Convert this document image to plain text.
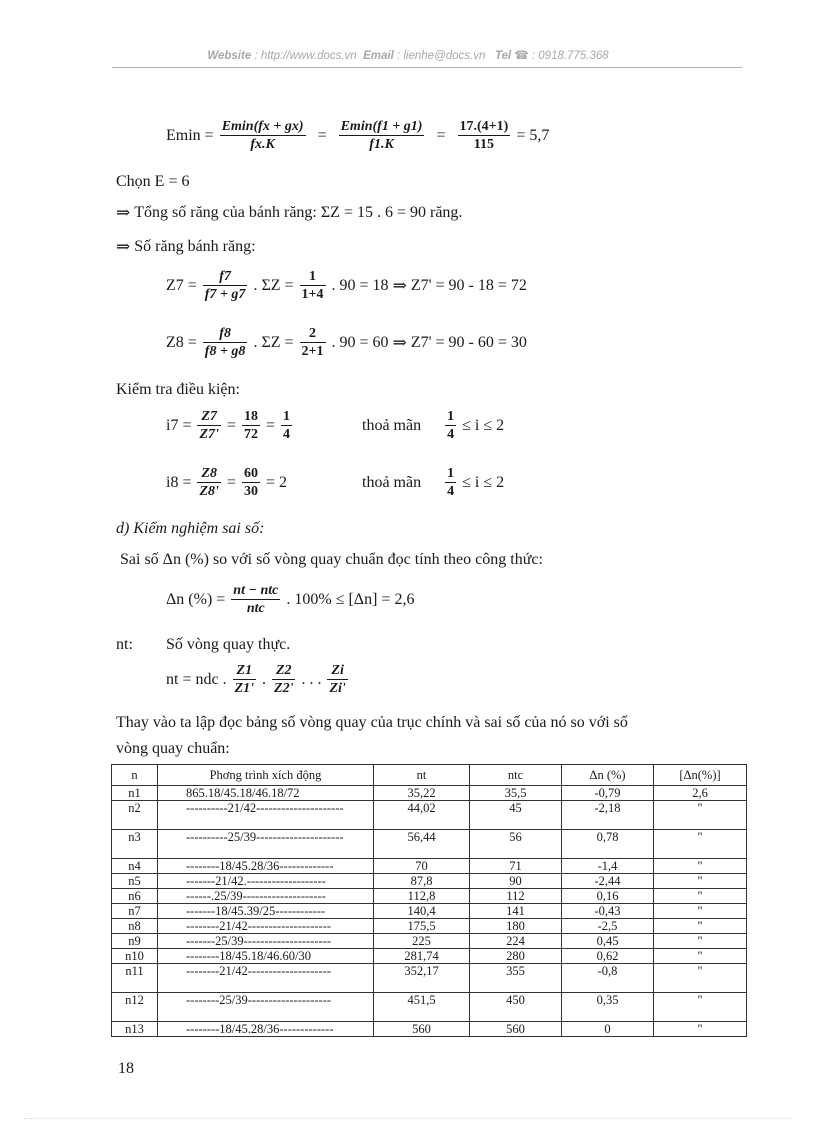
Website : http://www.docs.vn Email : lienhe@docs.vn Tel ☎ : 0918.775.368
$Emin = \frac{Emin(fx + gx)}{fx.K} = \frac{Emin(f1 + g1)}{f1.K} = \frac{17.(4+1)}{115} = 5,7$
Chọn E = 6
⇒ Tổng số răng của bánh răng: ΣZ = 15 . 6 = 90 răng.
⇒ Số răng bánh răng:
$Z7 = \frac{f7}{f7 + g7}$ . $\Sigma Z = \frac{1}{1+4}$ . 90 = 18 ⇒ Z7' = 90 - 18 = 72
$Z8 = \frac{f8}{f8 + g8}$ . $\Sigma Z = \frac{2}{2+1}$ . 90 = 60 ⇒ Z7' = 90 - 60 = 30
Kiểm tra điều kiện:
$i7 = \frac{Z7}{Z7'} = \frac{18}{72} = \frac{1}{4}$	thoả mãn $\frac{1}{4} \le i \le 2$
$i8 = \frac{Z8}{Z8'} = \frac{60}{30} = 2$	thoả mãn $\frac{1}{4} \le i \le 2$
d) Kiểm nghiệm sai số:
Sai số Δn (%) so với số vòng quay chuẩn đọc tính theo công thức:
Δn (%) = $\frac{\text{nt − ntc}}{\text{ntc}}$ . 100% ≤ [Δn] = 2,6
nt: Số vòng quay thực.
nt = ndc . $\frac{Z1}{Z1'}$ . $\frac{Z2}{Z2'}$ . . . $\frac{Zi}{Zi'}$
Thay vào ta lập đọc bảng số vòng quay của trục chính và sai số của nó so với số
vòng quay chuẩn:
n	Phơng trình xích động	nt	ntc	Δn (%)	[Δn(%)]
n1	865.18/45.18/46.18/72	35,22	35,5	-0,79	2,6
n2	----------21/42---------------------	44,02	45	-2,18	"
n3	----------25/39---------------------	56,44	56	0,78	"
n4	--------18/45.28/36-------------	70	71	-1,4	"
n5	-------21/42.-------------------	87,8	90	-2,44	"
n6	------.25/39--------------------	112,8	112	0,16	"
n7	-------18/45.39/25------------	140,4	141	-0,43	"
n8	--------21/42--------------------	175,5	180	-2,5	"
n9	-------25/39---------------------	225	224	0,45	"
n10	--------18/45.18/46.60/30	281,74	280	0,62	"
n11	--------21/42--------------------	352,17	355	-0,8	"
n12	--------25/39--------------------	451,5	450	0,35	"
n13	--------18/45.28/36-------------	560	560	0	"
18
